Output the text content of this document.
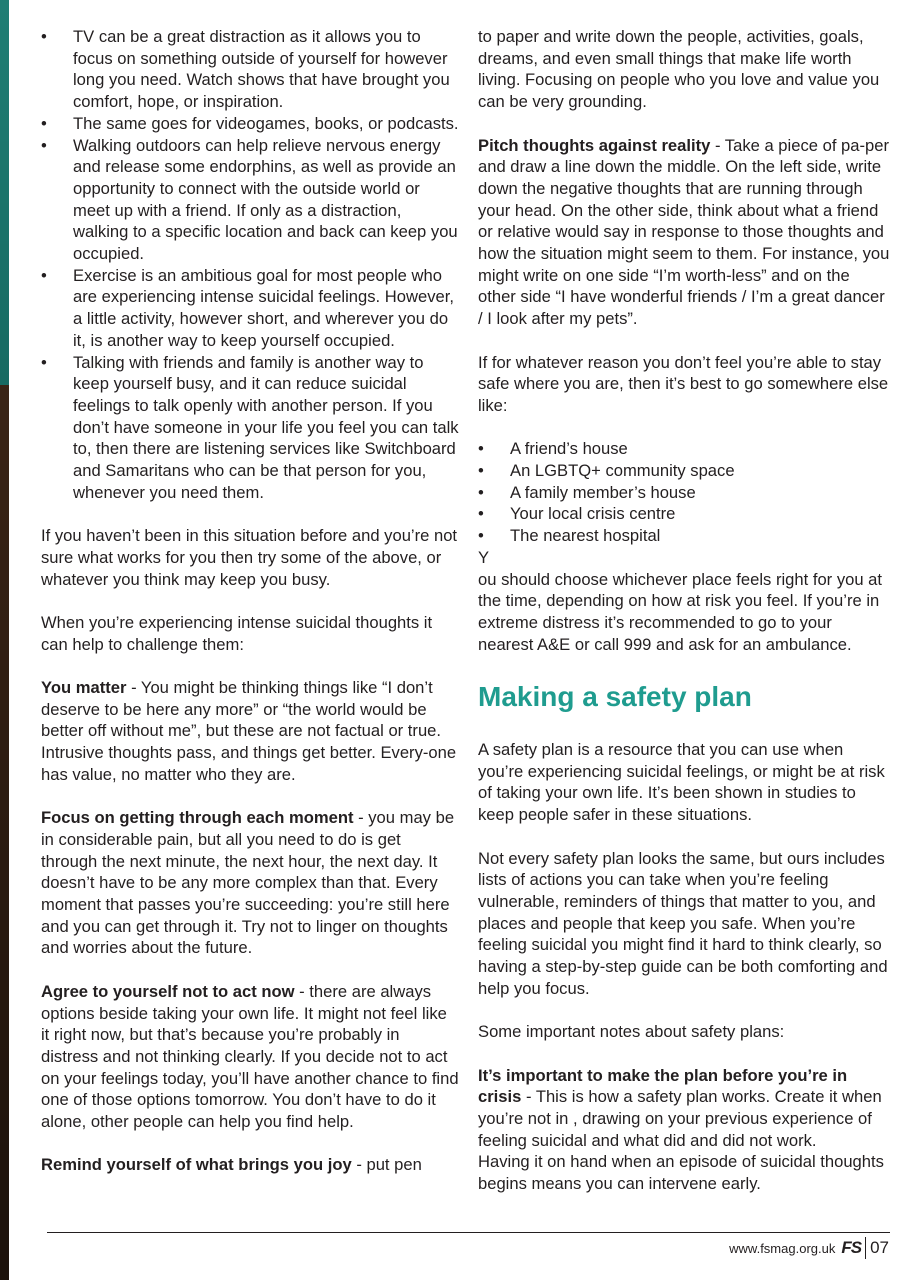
• TV can be a great distraction as it allows you to focus on something outside of yourself for however long you need. Watch shows that have brought you comfort, hope, or inspiration.
• The same goes for videogames, books, or podcasts.
• Walking outdoors can help relieve nervous energy and release some endorphins, as well as provide an opportunity to connect with the outside world or meet up with a friend. If only as a distraction, walking to a specific location and back can keep you occupied.
• Exercise is an ambitious goal for most people who are experiencing intense suicidal feelings. However, a little activity, however short, and wherever you do it, is another way to keep yourself occupied.
• Talking with friends and family is another way to keep yourself busy, and it can reduce suicidal feelings to talk openly with another person. If you don’t have someone in your life you feel you can talk to, then there are listening services like Switchboard and Samaritans who can be that person for you, whenever you need them.

If you haven’t been in this situation before and you’re not sure what works for you then try some of the above, or whatever you think may keep you busy.

When you’re experiencing intense suicidal thoughts it can help to challenge them:

You matter - You might be thinking things like “I don’t deserve to be here any more” or “the world would be better off without me”, but these are not factual or true. Intrusive thoughts pass, and things get better. Every-one has value, no matter who they are.

Focus on getting through each moment - you may be in considerable pain, but all you need to do is get through the next minute, the next hour, the next day. It doesn’t have to be any more complex than that. Every moment that passes you’re succeeding: you’re still here and you can get through it. Try not to linger on thoughts and worries about the future.

Agree to yourself not to act now - there are always options beside taking your own life. It might not feel like it right now, but that’s because you’re probably in distress and not thinking clearly. If you decide not to act on your feelings today, you’ll have another chance to find one of those options tomorrow. You don’t have to do it alone, other people can help you find help.

Remind yourself of what brings you joy - put pen

to paper and write down the people, activities, goals, dreams, and even small things that make life worth living. Focusing on people who you love and value you can be very grounding.

Pitch thoughts against reality - Take a piece of pa-per and draw a line down the middle. On the left side, write down the negative thoughts that are running through your head. On the other side, think about what a friend or relative would say in response to those thoughts and how the situation might seem to them. For instance, you might write on one side “I’m worth-less” and on the other side “I have wonderful friends / I’m a great dancer / I look after my pets”.

If for whatever reason you don’t feel you’re able to stay safe where you are, then it’s best to go somewhere else like:

• A friend’s house
• An LGBTQ+ community space
• A family member’s house
• Your local crisis centre
• The nearest hospital

Y

ou should choose whichever place feels right for you at the time, depending on how at risk you feel. If you’re in extreme distress it’s recommended to go to your nearest A&E or call 999 and ask for an ambulance.

Making a safety plan

A safety plan is a resource that you can use when you’re experiencing suicidal feelings, or might be at risk of taking your own life. It’s been shown in studies to keep people safer in these situations.

Not every safety plan looks the same, but ours includes lists of actions you can take when you’re feeling vulnerable, reminders of things that matter to you, and places and people that keep you safe. When you’re feeling suicidal you might find it hard to think clearly, so having a step-by-step guide can be both comforting and help you focus.

Some important notes about safety plans:

It’s important to make the plan before you’re in crisis - This is how a safety plan works. Create it when you’re not in , drawing on your previous experience of feeling suicidal and what did and did not work.
Having it on hand when an episode of suicidal thoughts begins means you can intervene early.

www.fsmag.org.uk FS 07
